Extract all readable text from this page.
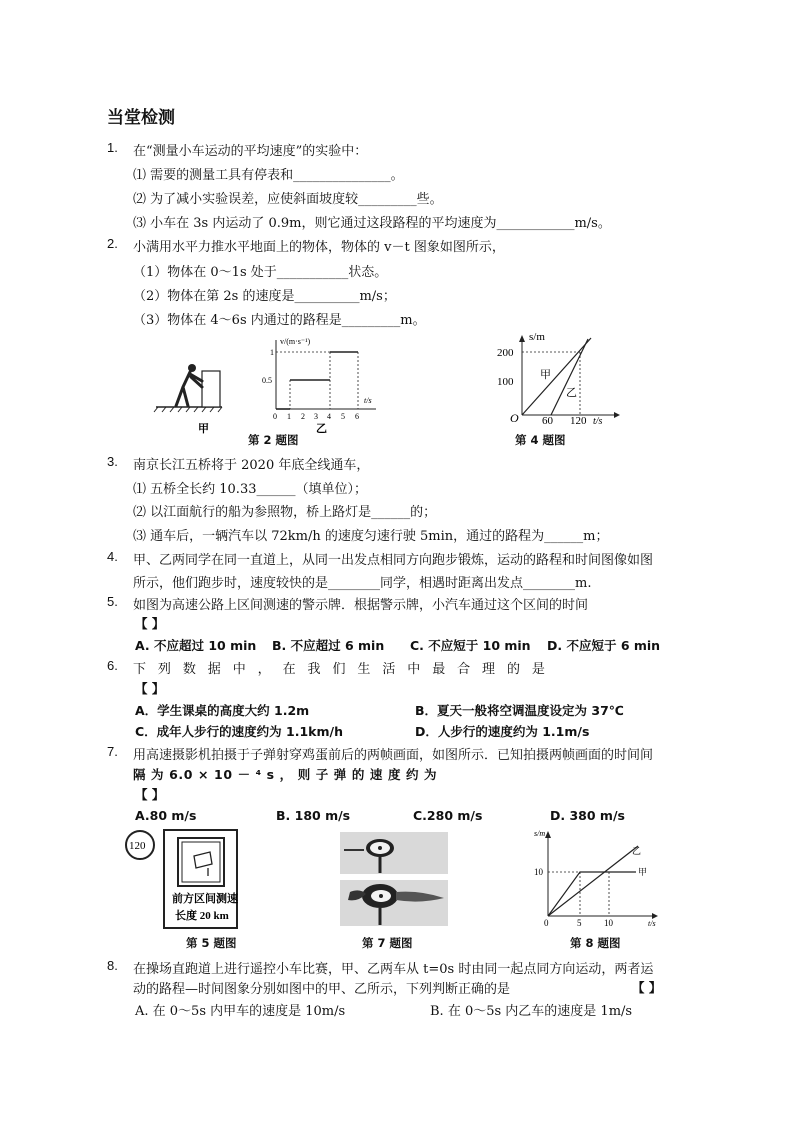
当堂检测
1. 在“测量小车运动的平均速度”的实验中：
⑴ 需要的测量工具有停表和_______________。
⑵ 为了减小实验误差，应使斜面坡度较_________些。
⑶ 小车在 3s 内运动了 0.9m，则它通过这段路程的平均速度为____________m/s。
2. 小满用水平力推水平地面上的物体，物体的 v－t 图象如图所示，
（1）物体在 0～1s 处于___________状态。
（2）物体在第 2s 的速度是__________m/s；
（3）物体在 4～6s 内通过的路程是_________m。
甲
v/(m·s⁻¹)
t/s
1
0.5
0 1 2 3 4 5 6
乙
第 2 题图
s/m
200
100
O 60 120 t/s
甲
乙
第 4 题图
3. 南京长江五桥将于 2020 年底全线通车，
⑴ 五桥全长约 10.33______（填单位）；
⑵ 以江面航行的船为参照物，桥上路灯是______的；
⑶ 通车后，一辆汽车以 72km/h 的速度匀速行驶 5min，通过的路程为______m；
4. 甲、乙两同学在同一直道上，从同一出发点相同方向跑步锻炼，运动的路程和时间图像如图
所示，他们跑步时，速度较快的是________同学，相遇时距离出发点________m.
5. 如图为高速公路上区间测速的警示牌．根据警示牌，小汽车通过这个区间的时间
【 】
A. 不应超过 10 min B. 不应超过 6 min C. 不应短于 10 min D. 不应短于 6 min
6. 下 列 数 据 中 ， 在 我 们 生 活 中 最 合 理 的 是
【 】
A．学生课桌的高度大约 1.2m	B．夏天一般将空调温度设定为 37℃
C．成年人步行的速度约为 1.1km/h	D．人步行的速度约为 1.1m/s
7. 用高速摄影机拍摄于子弹射穿鸡蛋前后的两帧画面，如图所示．已知拍摄两帧画面的时间间
隔 为 6.0 × 10 － ⁴ s ， 则 子 弹 的 速 度 约 为
【 】
A.80 m/s	B. 180 m/s	C.280 m/s	D. 380 m/s
120
前方区间测速
长度 20 km
第 5 题图	第 7 题图
s/m
10
0	5	10	t/s
甲
乙
第 8 题图
8. 在操场直跑道上进行遥控小车比赛，甲、乙两车从 t=0s 时由同一起点同方向运动，两者运
动的路程—时间图象分别如图中的甲、乙所示，下列判断正确的是	【 】
A. 在 0～5s 内甲车的速度是 10m/s	B. 在 0～5s 内乙车的速度是 1m/s
